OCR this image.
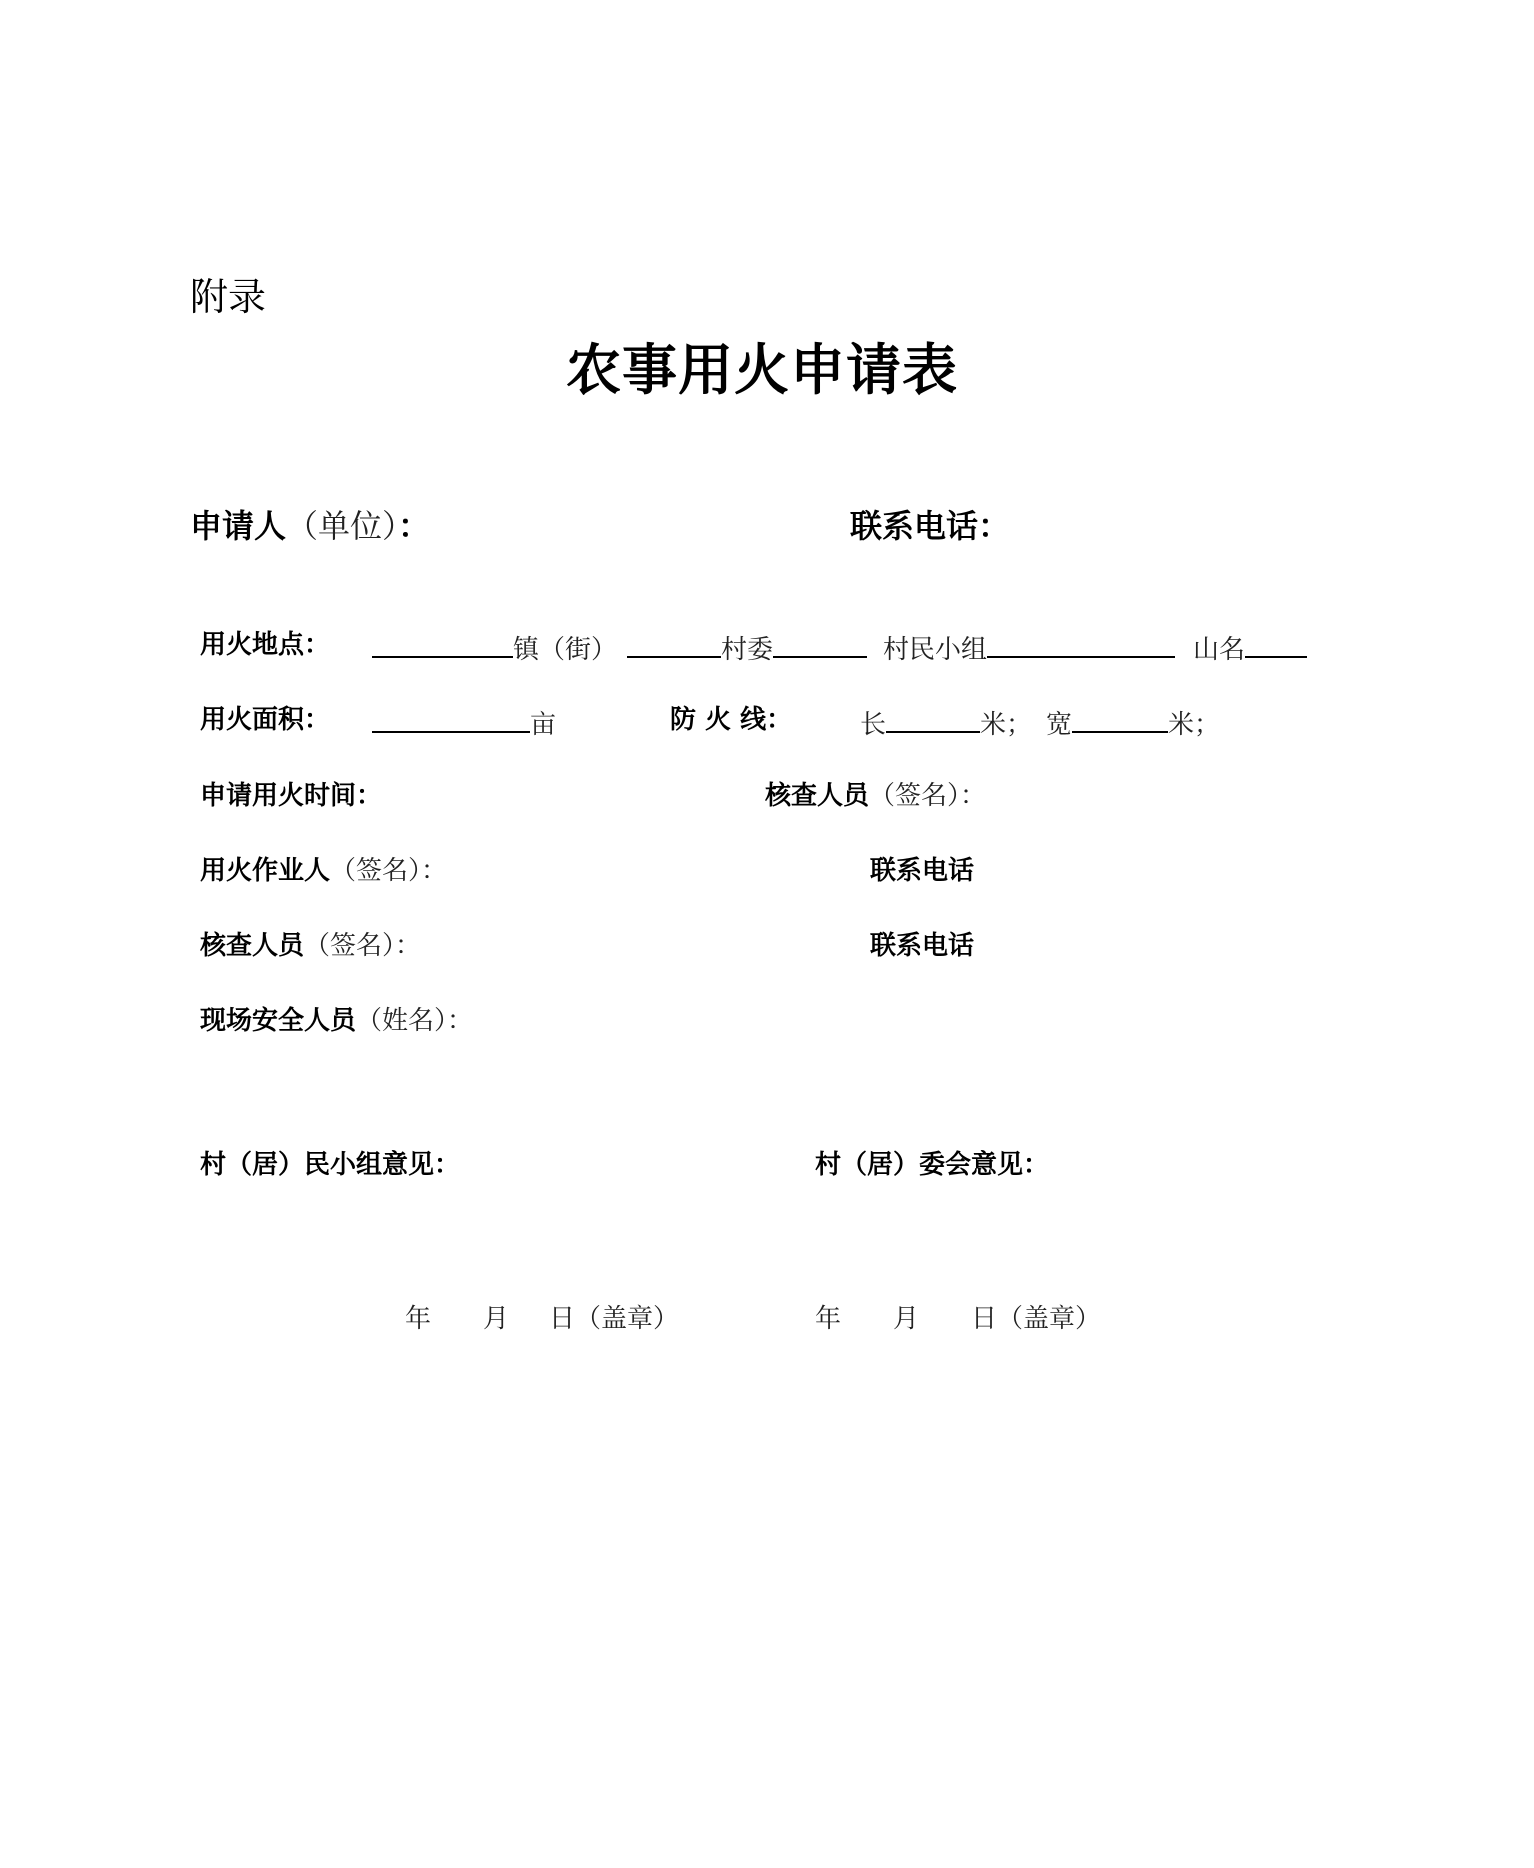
附录
农事用火申请表
申请人（单位）：	联系电话：
用火地点：	镇（街）	村委	村民小组	山名
用火面积：	亩	防 火 线：	长	米； 宽	米；
申请用火时间：	核查人员（签名）：
用火作业人（签名）：	联系电话
核查人员（签名）：	联系电话
现场安全人员（姓名）：
村（居）民小组意见：	村（居）委会意见：
年 月 日（盖章）	年 月 日（盖章）
